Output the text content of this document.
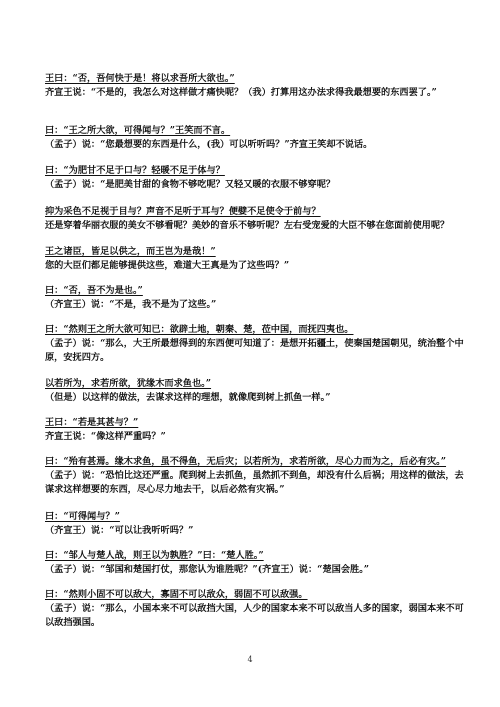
王曰：“否，吾何快于是！将以求吾所大欲也。”
齐宣王说：“不是的，我怎么对这样做才痛快呢？（我）打算用这办法求得我最想要的东西罢了。”
曰：“王之所大欲，可得闻与？”王笑而不言。
（孟子）说：“您最想要的东西是什么，(我）可以听听吗？”齐宣王笑却不说话。
曰：“为肥甘不足于口与？轻暖不足于体与？
（孟子）说：“是肥美甘甜的食物不够吃呢？又轻又暖的衣服不够穿呢？
抑为采色不足视于目与？声音不足听于耳与？便嬖不足使令于前与？
还是穿着华丽衣服的美女不够看呢？美妙的音乐不够听呢？左右受宠爱的大臣不够在您面前使用呢？
王之诸臣，皆足以供之，而王岂为是哉！”
您的大臣们都足能够提供这些，难道大王真是为了这些吗？”
曰：“否，吾不为是也。”
（齐宣王）说：“不是，我不是为了这些。”
曰：“然则王之所大欲可知已：欲辟土地，朝秦、楚，莅中国，而抚四夷也。
（孟子）说：“那么，大王所最想得到的东西便可知道了：是想开拓疆土，使秦国楚国朝见，统治整个中
原，安抚四方。
以若所为，求若所欲，犹缘木而求鱼也。”
（但是）以这样的做法，去谋求这样的理想，就像爬到树上抓鱼一样。”
王曰：“若是其甚与？”
齐宣王说：“像这样严重吗？”
曰：“殆有甚焉。缘木求鱼，虽不得鱼，无后灾；以若所为，求若所欲，尽心力而为之，后必有灾。”
（孟子）说：“恐怕比这还严重。爬到树上去抓鱼，虽然抓不到鱼，却没有什么后祸；用这样的做法，去
谋求这样想要的东西，尽心尽力地去干，以后必然有灾祸。”
曰：“可得闻与？”
（齐宣王）说：“可以让我听听吗？”
曰：“邹人与楚人战，则王以为孰胜？”曰：“楚人胜。”
（孟子）说：“邹国和楚国打仗，那您认为谁胜呢？”(齐宣王）说：“楚国会胜。”
曰：“然则小固不可以敌大，寡固不可以敌众，弱固不可以敌强。
（孟子）说：“那么，小国本来不可以敌挡大国，人少的国家本来不可以敌当人多的国家，弱国本来不可
以敌挡强国。
4
